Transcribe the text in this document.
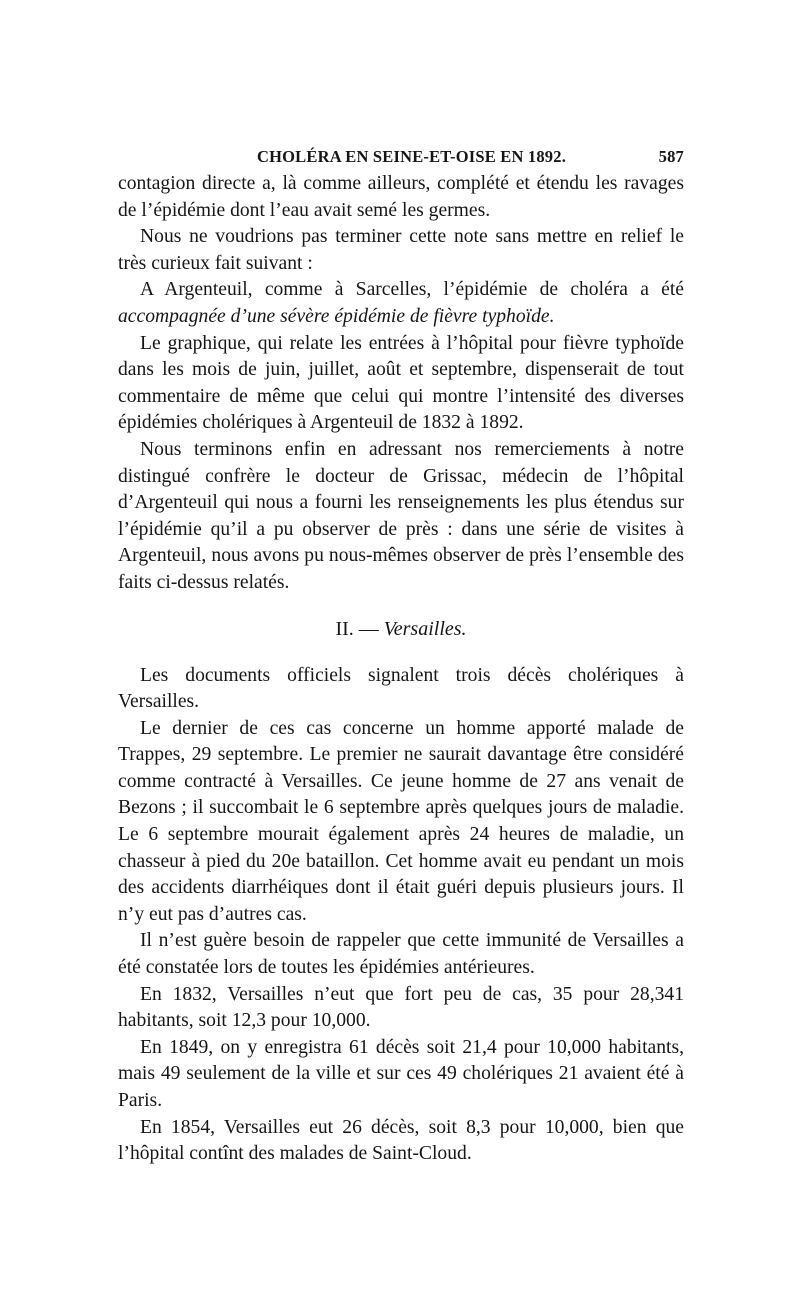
CHOLÉRA EN SEINE-ET-OISE EN 1892.	587

contagion directe a, là comme ailleurs, complété et étendu les ravages de l’épidémie dont l’eau avait semé les germes.

Nous ne voudrions pas terminer cette note sans mettre en relief le très curieux fait suivant :

A Argenteuil, comme à Sarcelles, l’épidémie de choléra a été accompagnée d’une sévère épidémie de fièvre typhoïde.

Le graphique, qui relate les entrées à l’hôpital pour fièvre typhoïde dans les mois de juin, juillet, août et septembre, dispenserait de tout commentaire de même que celui qui montre l’intensité des diverses épidémies cholériques à Argenteuil de 1832 à 1892.

Nous terminons enfin en adressant nos remerciements à notre distingué confrère le docteur de Grissac, médecin de l’hôpital d’Argenteuil qui nous a fourni les renseignements les plus étendus sur l’épidémie qu’il a pu observer de près : dans une série de visites à Argenteuil, nous avons pu nous-mêmes observer de près l’ensemble des faits ci-dessus relatés.

II. — Versailles.

Les documents officiels signalent trois décès cholériques à Versailles.

Le dernier de ces cas concerne un homme apporté malade de Trappes, 29 septembre. Le premier ne saurait davantage être considéré comme contracté à Versailles. Ce jeune homme de 27 ans venait de Bezons ; il succombait le 6 septembre après quelques jours de maladie. Le 6 septembre mourait également après 24 heures de maladie, un chasseur à pied du 20e bataillon. Cet homme avait eu pendant un mois des accidents diarrhéiques dont il était guéri depuis plusieurs jours. Il n’y eut pas d’autres cas.

Il n’est guère besoin de rappeler que cette immunité de Versailles a été constatée lors de toutes les épidémies antérieures.

En 1832, Versailles n’eut que fort peu de cas, 35 pour 28,341 habitants, soit 12,3 pour 10,000.

En 1849, on y enregistra 61 décès soit 21,4 pour 10,000 habitants, mais 49 seulement de la ville et sur ces 49 cholériques 21 avaient été à Paris.

En 1854, Versailles eut 26 décès, soit 8,3 pour 10,000, bien que l’hôpital contînt des malades de Saint-Cloud.
